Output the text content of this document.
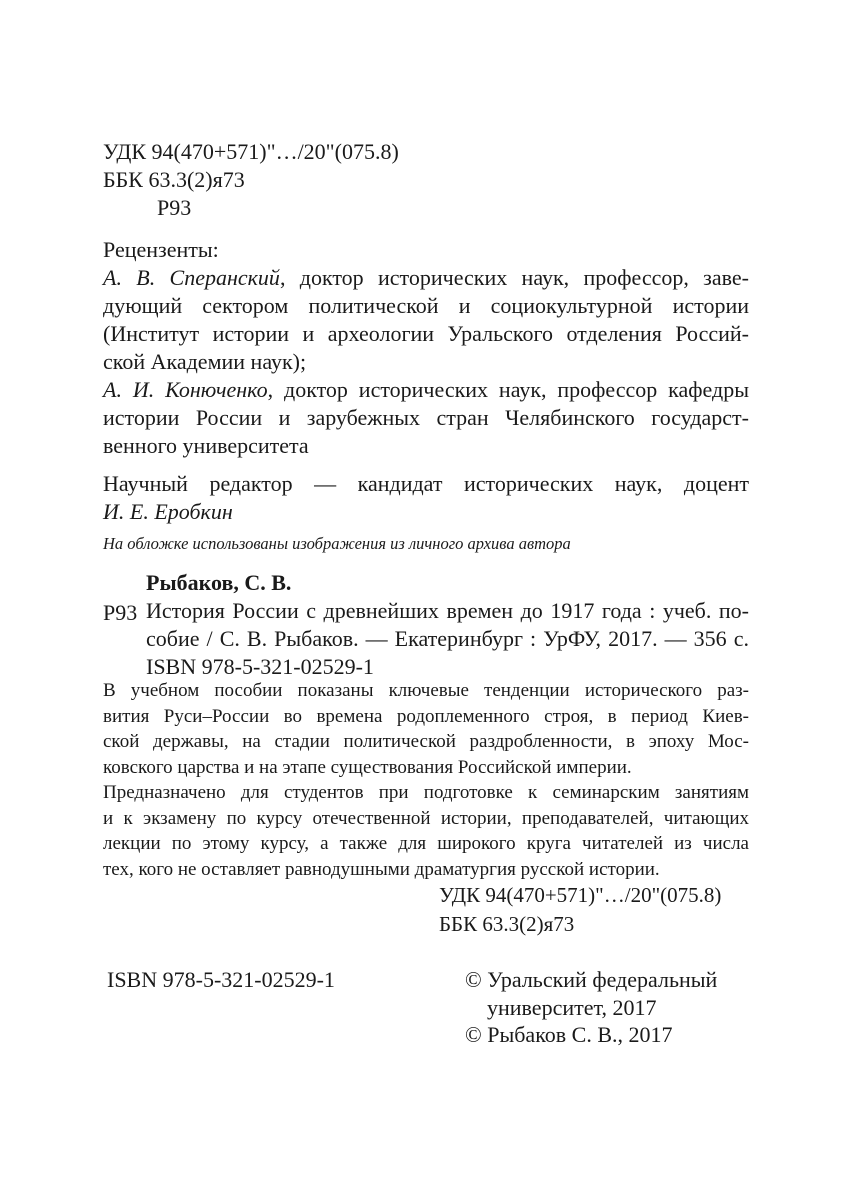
УДК 94(470+571)"…/20"(075.8)
ББК 63.3(2)я73
Р93
Рецензенты:
А. В. Сперанский, доктор исторических наук, профессор, заве-
дующий сектором политической и социокультурной истории
(Институт истории и археологии Уральского отделения Россий-
ской Академии наук);
А. И. Конюченко, доктор исторических наук, профессор кафедры
истории России и зарубежных стран Челябинского государст-
венного университета
Научный редактор — кандидат исторических наук, доцент
И. Е. Еробкин
На обложке использованы изображения из личного архива автора
Рыбаков, С. В.
Р93 История России с древнейших времен до 1917 года : учеб. по-
собие / С. В. Рыбаков. — Екатеринбург : УрФУ, 2017. — 356 с.
ISBN 978-5-321-02529-1
В учебном пособии показаны ключевые тенденции исторического раз-
вития Руси–России во времена родоплеменного строя, в период Киев-
ской державы, на стадии политической раздробленности, в эпоху Мос-
ковского царства и на этапе существования Российской империи.
Предназначено для студентов при подготовке к семинарским занятиям
и к экзамену по курсу отечественной истории, преподавателей, читающих
лекции по этому курсу, а также для широкого круга читателей из числа
тех, кого не оставляет равнодушными драматургия русской истории.
УДК 94(470+571)"…/20"(075.8)
ББК 63.3(2)я73
ISBN 978-5-321-02529-1	© Уральский федеральный
университет, 2017
© Рыбаков С. В., 2017
